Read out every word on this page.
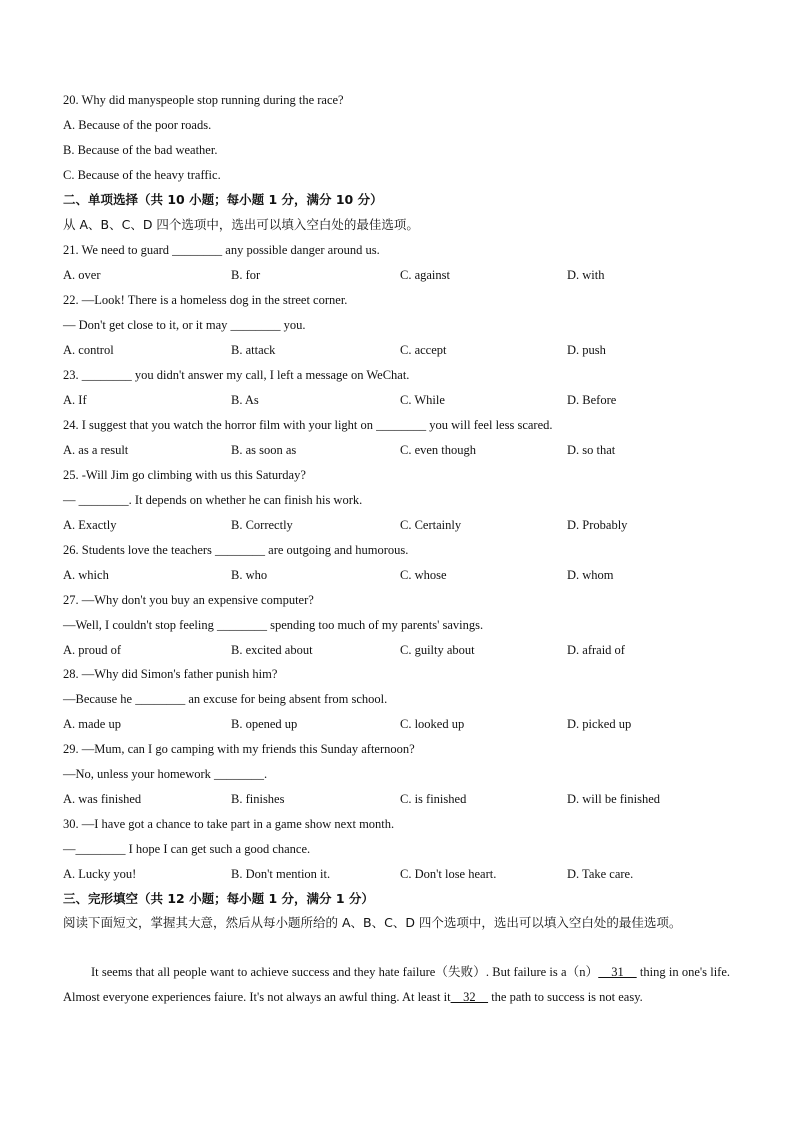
20. Why did manyspeople stop running during the race?
A. Because of the poor roads.
B. Because of the bad weather.
C. Because of the heavy traffic.
二、单项选择（共 10 小题；每小题 1 分，满分 10 分）
从 A、B、C、D 四个选项中，选出可以填入空白处的最佳选项。
21. We need to guard ________ any possible danger around us.
A. over	B. for	C. against	D. with
22. —Look! There is a homeless dog in the street corner.
— Don't get close to it, or it may ________ you.
A. control	B. attack	C. accept	D. push
23. ________ you didn't answer my call, I left a message on WeChat.
A. If	B. As	C. While	D. Before
24. I suggest that you watch the horror film with your light on ________ you will feel less scared.
A. as a result	B. as soon as	C. even though	D. so that
25. -Will Jim go climbing with us this Saturday?
— ________. It depends on whether he can finish his work.
A. Exactly	B. Correctly	C. Certainly	D. Probably
26. Students love the teachers ________ are outgoing and humorous.
A. which	B. who	C. whose	D. whom
27. —Why don't you buy an expensive computer?
—Well, I couldn't stop feeling ________ spending too much of my parents' savings.
A. proud of	B. excited about	C. guilty about	D. afraid of
28. —Why did Simon's father punish him?
—Because he ________ an excuse for being absent from school.
A. made up	B. opened up	C. looked up	D. picked up
29. —Mum, can I go camping with my friends this Sunday afternoon?
—No, unless your homework ________.
A. was finished	B. finishes	C. is finished	D. will be finished
30. —I have got a chance to take part in a game show next month.
—________ I hope I can get such a good chance.
A. Lucky you!	B. Don't mention it.	C. Don't lose heart.	D. Take care.
三、完形填空（共 12 小题；每小题 1 分，满分 1 分）
阅读下面短文，掌握其大意，然后从每小题所给的 A、B、C、D 四个选项中，选出可以填入空白处的最佳选项。

It seems that all people want to achieve success and they hate failure（失败）. But failure is a（n）    31     thing in one's life. Almost everyone experiences faiure. It's not always an awful thing. At least it    32     the path to success is not easy.
